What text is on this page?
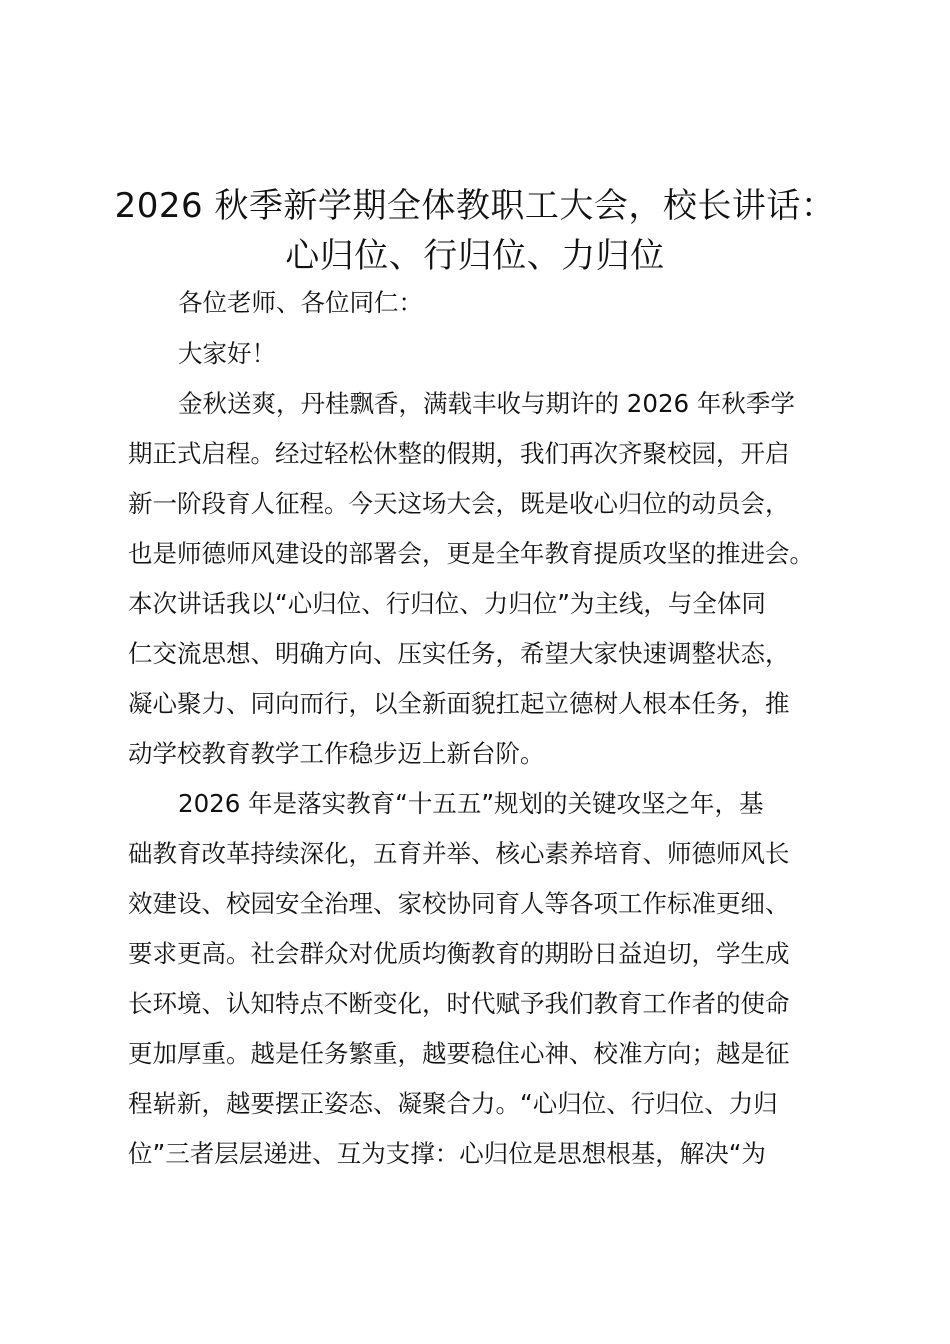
2026 秋季新学期全体教职工大会，校长讲话：
心归位、行归位、力归位

各位老师、各位同仁：

大家好！

金秋送爽，丹桂飘香，满载丰收与期许的 2026 年秋季学

期正式启程。经过轻松休整的假期，我们再次齐聚校园，开启

新一阶段育人征程。今天这场大会，既是收心归位的动员会，

也是师德师风建设的部署会，更是全年教育提质攻坚的推进会。

本次讲话我以“心归位、行归位、力归位”为主线，与全体同

仁交流思想、明确方向、压实任务，希望大家快速调整状态，

凝心聚力、同向而行，以全新面貌扛起立德树人根本任务，推

动学校教育教学工作稳步迈上新台阶。

2026 年是落实教育“十五五”规划的关键攻坚之年，基

础教育改革持续深化，五育并举、核心素养培育、师德师风长

效建设、校园安全治理、家校协同育人等各项工作标准更细、

要求更高。社会群众对优质均衡教育的期盼日益迫切，学生成

长环境、认知特点不断变化，时代赋予我们教育工作者的使命

更加厚重。越是任务繁重，越要稳住心神、校准方向；越是征

程崭新，越要摆正姿态、凝聚合力。“心归位、行归位、力归

位”三者层层递进、互为支撑：心归位是思想根基，解决“为
